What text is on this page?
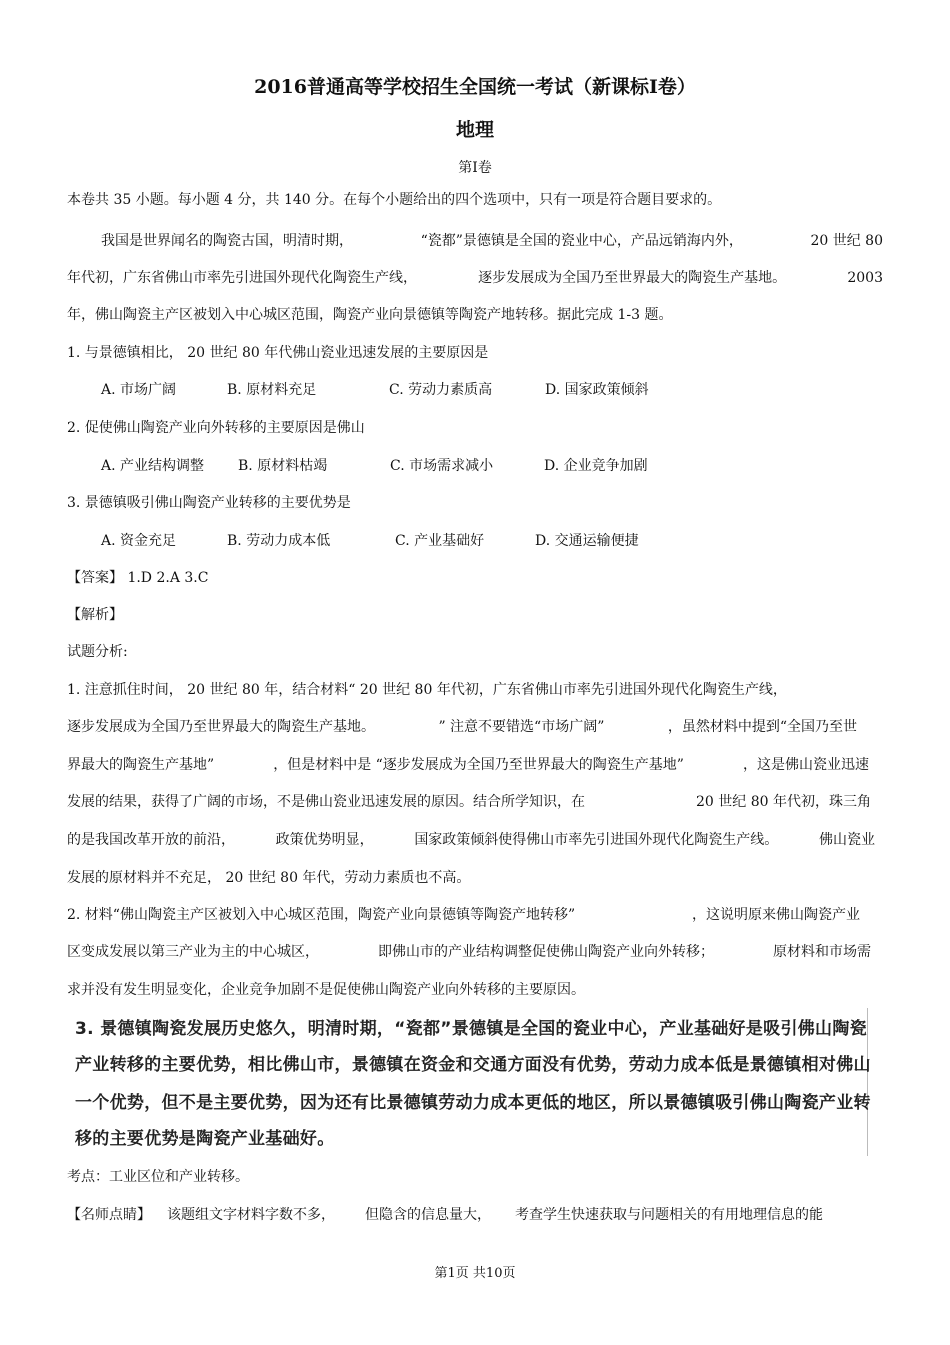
2016普通高等学校招生全国统一考试（新课标Ⅰ卷）
地理
第Ⅰ卷
本卷共 35 小题。每小题 4 分，共 140 分。在每个小题给出的四个选项中，只有一项是符合题目要求的。
我国是世界闻名的陶瓷古国，明清时期，	“瓷都”景德镇是全国的瓷业中心，产品远销海内外，	20 世纪 80
年代初，广东省佛山市率先引进国外现代化陶瓷生产线，	逐步发展成为全国乃至世界最大的陶瓷生产基地。	2003
年，佛山陶瓷主产区被划入中心城区范围，陶瓷产业向景德镇等陶瓷产地转移。据此完成 1-3 题。
1. 与景德镇相比， 20 世纪 80 年代佛山瓷业迅速发展的主要原因是
A. 市场广阔	B. 原材料充足	C. 劳动力素质高	D. 国家政策倾斜
2. 促使佛山陶瓷产业向外转移的主要原因是佛山
A. 产业结构调整 B. 原材料枯竭	C. 市场需求减小	D. 企业竞争加剧
3. 景德镇吸引佛山陶瓷产业转移的主要优势是
A. 资金充足	B. 劳动力成本低	C. 产业基础好	D. 交通运输便捷
【答案】 1.D 2.A 3.C
【解析】
试题分析:
1. 注意抓住时间， 20 世纪 80 年，结合材料“ 20 世纪 80 年代初，广东省佛山市率先引进国外现代化陶瓷生产线，
逐步发展成为全国乃至世界最大的陶瓷生产基地。	” 注意不要错选“市场广阔”	，虽然材料中提到“全国乃至世
界最大的陶瓷生产基地”	，但是材料中是 “逐步发展成为全国乃至世界最大的陶瓷生产基地”	，这是佛山瓷业迅速
发展的结果，获得了广阔的市场，不是佛山瓷业迅速发展的原因。结合所学知识，在	20 世纪 80 年代初，珠三角
的是我国改革开放的前沿，	政策优势明显，	国家政策倾斜使得佛山市率先引进国外现代化陶瓷生产线。	佛山瓷业
发展的原材料并不充足， 20 世纪 80 年代，劳动力素质也不高。
2. 材料“佛山陶瓷主产区被划入中心城区范围，陶瓷产业向景德镇等陶瓷产地转移”	，这说明原来佛山陶瓷产业
区变成发展以第三产业为主的中心城区，	即佛山市的产业结构调整促使佛山陶瓷产业向外转移；	原材料和市场需
求并没有发生明显变化，企业竞争加剧不是促使佛山陶瓷产业向外转移的主要原因。
3. 景德镇陶瓷发展历史悠久，明清时期，“瓷都”景德镇是全国的瓷业中心，产业基础好是吸引佛山陶瓷
产业转移的主要优势，相比佛山市，景德镇在资金和交通方面没有优势，劳动力成本低是景德镇相对佛山
一个优势，但不是主要优势，因为还有比景德镇劳动力成本更低的地区，所以景德镇吸引佛山陶瓷产业转
移的主要优势是陶瓷产业基础好。
考点：工业区位和产业转移。
【名师点睛】 该题组文字材料字数不多， 但隐含的信息量大， 考查学生快速获取与问题相关的有用地理信息的能
第1页 共10页
